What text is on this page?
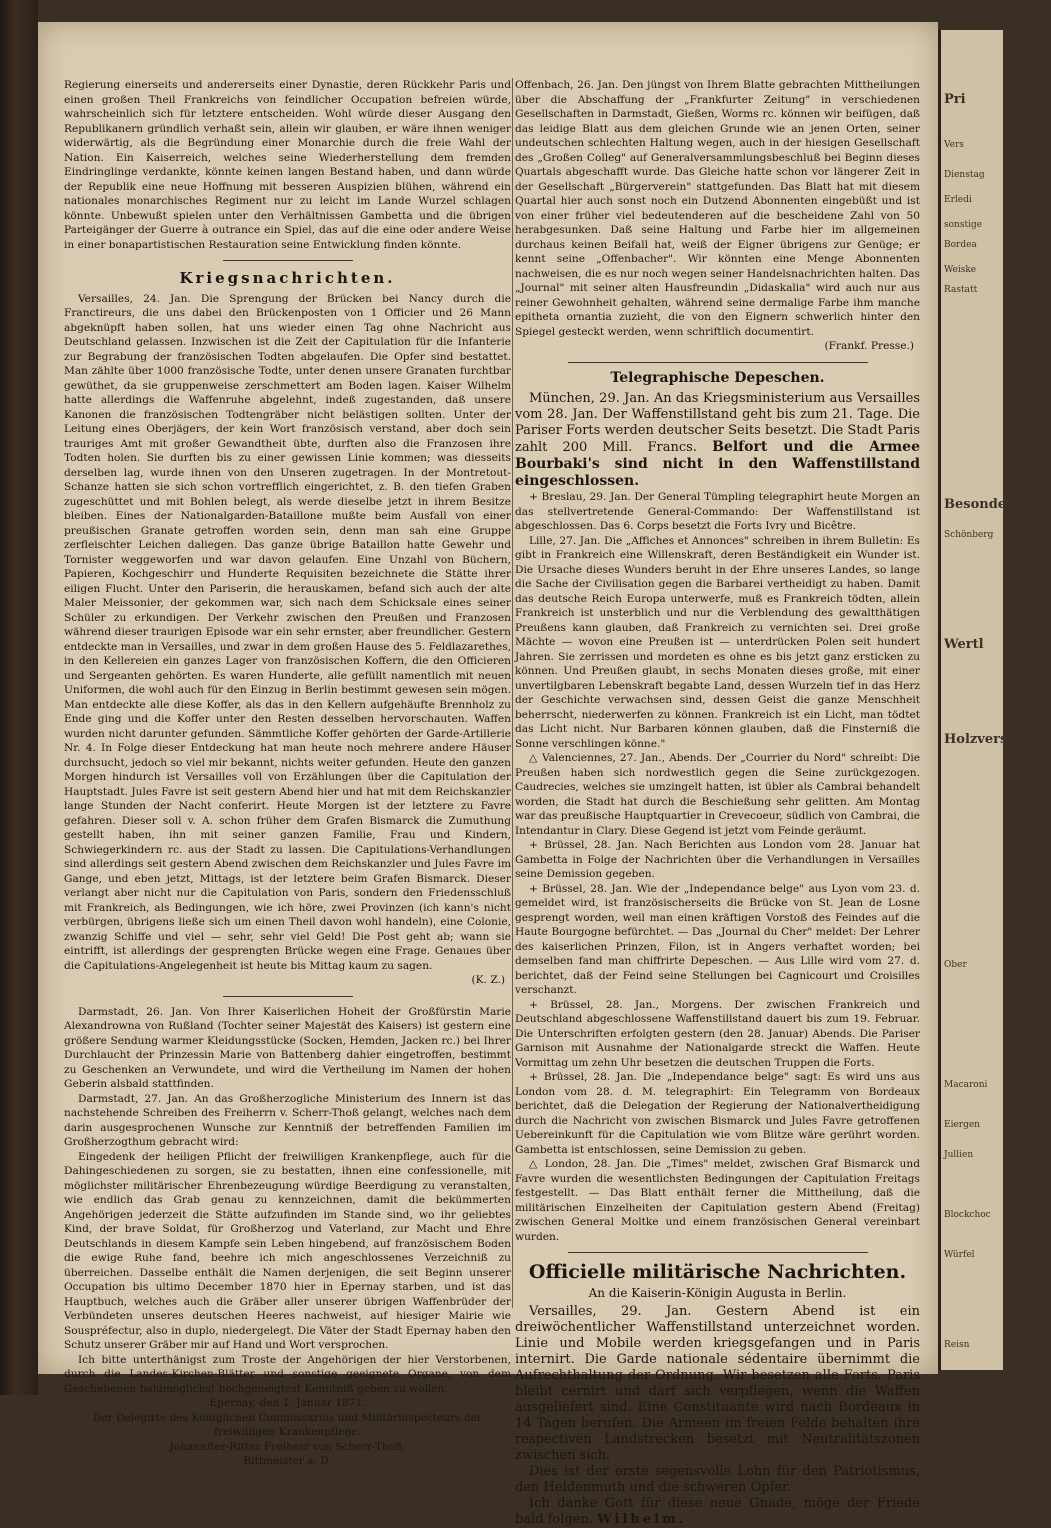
Regierung einerseits und andererseits einer Dynastie, deren Rückkehr Paris und einen großen Theil Frankreichs von feindlicher Occupation befreien würde, wahrscheinlich sich für letztere entscheiden. Wohl würde dieser Ausgang den Republikanern gründlich verhaßt sein, allein wir glauben, er wäre ihnen weniger widerwärtig, als die Begründung einer Monarchie durch die freie Wahl der Nation. Ein Kaiserreich, welches seine Wiederherstellung dem fremden Eindringlinge verdankte, könnte keinen langen Bestand haben, und dann würde der Republik eine neue Hoffnung mit besseren Auspizien blühen, während ein nationales monarchisches Regiment nur zu leicht im Lande Wurzel schlagen könnte. Unbewußt spielen unter den Verhältnissen Gambetta und die übrigen Parteigänger der Guerre à outrance ein Spiel, das auf die eine oder andere Weise in einer bonapartistischen Restauration seine Entwicklung finden könnte.

Kriegsnachrichten.

Versailles, 24. Jan. Die Sprengung der Brücken bei Nancy durch die Franctireurs, die uns dabei den Brückenposten von 1 Officier und 26 Mann abgeknüpft haben sollen, hat uns wieder einen Tag ohne Nachricht aus Deutschland gelassen. Inzwischen ist die Zeit der Capitulation für die Infanterie zur Begrabung der französischen Todten abgelaufen. Die Opfer sind bestattet. Man zählte über 1000 französische Todte, unter denen unsere Granaten furchtbar gewüthet, da sie gruppenweise zerschmettert am Boden lagen. Kaiser Wilhelm hatte allerdings die Waffenruhe abgelehnt, indeß zugestanden, daß unsere Kanonen die französischen Todtengräber nicht belästigen sollten. Unter der Leitung eines Oberjägers, der kein Wort französisch verstand, aber doch sein trauriges Amt mit großer Gewandtheit übte, durften also die Franzosen ihre Todten holen. Sie durften bis zu einer gewissen Linie kommen; was diesseits derselben lag, wurde ihnen von den Unseren zugetragen. In der Montretout-Schanze hatten sie sich schon vortrefflich eingerichtet, z. B. den tiefen Graben zugeschüttet und mit Bohlen belegt, als werde dieselbe jetzt in ihrem Besitze bleiben. Eines der Nationalgarden-Bataillone mußte beim Ausfall von einer preußischen Granate getroffen worden sein, denn man sah eine Gruppe zerfleischter Leichen daliegen. Das ganze übrige Bataillon hatte Gewehr und Tornister weggeworfen und war davon gelaufen. Eine Unzahl von Büchern, Papieren, Kochgeschirr und Hunderte Requisiten bezeichnete die Stätte ihrer eiligen Flucht. Unter den Pariserin, die herauskamen, befand sich auch der alte Maler Meissonier, der gekommen war, sich nach dem Schicksale eines seiner Schüler zu erkundigen. Der Verkehr zwischen den Preußen und Franzosen während dieser traurigen Episode war ein sehr ernster, aber freundlicher. Gestern entdeckte man in Versailles, und zwar in dem großen Hause des 5. Feldlazarethes, in den Kellereien ein ganzes Lager von französischen Koffern, die den Officieren und Sergeanten gehörten. Es waren Hunderte, alle gefüllt namentlich mit neuen Uniformen, die wohl auch für den Einzug in Berlin bestimmt gewesen sein mögen. Man entdeckte alle diese Koffer, als das in den Kellern aufgehäufte Brennholz zu Ende ging und die Koffer unter den Resten desselben hervorschauten. Waffen wurden nicht darunter gefunden. Sämmtliche Koffer gehörten der Garde-Artillerie Nr. 4. In Folge dieser Entdeckung hat man heute noch mehrere andere Häuser durchsucht, jedoch so viel mir bekannt, nichts weiter gefunden. Heute den ganzen Morgen hindurch ist Versailles voll von Erzählungen über die Capitulation der Hauptstadt. Jules Favre ist seit gestern Abend hier und hat mit dem Reichskanzler lange Stunden der Nacht conferirt. Heute Morgen ist der letztere zu Favre gefahren. Dieser soll v. A. schon früher dem Grafen Bismarck die Zumuthung gestellt haben, ihn mit seiner ganzen Familie, Frau und Kindern, Schwiegerkindern rc. aus der Stadt zu lassen. Die Capitulations-Verhandlungen sind allerdings seit gestern Abend zwischen dem Reichskanzler und Jules Favre im Gange, und eben jetzt, Mittags, ist der letztere beim Grafen Bismarck. Dieser verlangt aber nicht nur die Capitulation von Paris, sondern den Friedensschluß mit Frankreich, als Bedingungen, wie ich höre, zwei Provinzen (ich kann's nicht verbürgen, übrigens ließe sich um einen Theil davon wohl handeln), eine Colonie, zwanzig Schiffe und viel — sehr, sehr viel Geld! Die Post geht ab; wann sie eintrifft, ist allerdings der gesprengten Brücke wegen eine Frage. Genaues über die Capitulations-Angelegenheit ist heute bis Mittag kaum zu sagen.

(K. Z.)

Darmstadt, 26. Jan. Von Ihrer Kaiserlichen Hoheit der Großfürstin Marie Alexandrowna von Rußland (Tochter seiner Majestät des Kaisers) ist gestern eine größere Sendung warmer Kleidungsstücke (Socken, Hemden, Jacken rc.) bei Ihrer Durchlaucht der Prinzessin Marie von Battenberg dahier eingetroffen, bestimmt zu Geschenken an Verwundete, und wird die Vertheilung im Namen der hohen Geberin alsbald stattfinden.

Darmstadt, 27. Jan. An das Großherzogliche Ministerium des Innern ist das nachstehende Schreiben des Freiherrn v. Scherr-Thoß gelangt, welches nach dem darin ausgesprochenen Wunsche zur Kenntniß der betreffenden Familien im Großherzogthum gebracht wird:

Eingedenk der heiligen Pflicht der freiwilligen Krankenpflege, auch für die Dahingeschiedenen zu sorgen, sie zu bestatten, ihnen eine confessionelle, mit möglichster militärischer Ehrenbezeugung würdige Beerdigung zu veranstalten, wie endlich das Grab genau zu kennzeichnen, damit die bekümmerten Angehörigen jederzeit die Stätte aufzufinden im Stande sind, wo ihr geliebtes Kind, der brave Soldat, für Großherzog und Vaterland, zur Macht und Ehre Deutschlands in diesem Kampfe sein Leben hingebend, auf französischem Boden die ewige Ruhe fand, beehre ich mich angeschlossenes Verzeichniß zu überreichen. Dasselbe enthält die Namen derjenigen, die seit Beginn unserer Occupation bis ultimo December 1870 hier in Epernay starben, und ist das Hauptbuch, welches auch die Gräber aller unserer übrigen Waffenbrüder der Verbündeten unseres deutschen Heeres nachweist, auf hiesiger Mairie wie Souspréfectur, also in duplo, niedergelegt. Die Väter der Stadt Epernay haben den Schutz unserer Gräber mir auf Hand und Wort versprochen.

Ich bitte unterthänigst zum Troste der Angehörigen der hier Verstorbenen, durch die Landes-Kirchen-Blätter und sonstige geeignete Organe, von dem Geschehenen baldmöglichst hochgeneigtest Kenntniß geben zu wollen.

Epernay, den 1. Januar 1871.

Der Delegirte des Königlichen Commissarius und Militärinspecteurs der freiwilligen Krankenpflege.

Johanniter-Ritter Freiherr von Scherr-Thoß,

Rittmeister a. D.

Offenbach, 26. Jan. Den jüngst von Ihrem Blatte gebrachten Mittheilungen über die Abschaffung der „Frankfurter Zeitung" in verschiedenen Gesellschaften in Darmstadt, Gießen, Worms rc. können wir beifügen, daß das leidige Blatt aus dem gleichen Grunde wie an jenen Orten, seiner undeutschen schlechten Haltung wegen, auch in der hiesigen Gesellschaft des „Großen Colleg" auf Generalversammlungsbeschluß bei Beginn dieses Quartals abgeschafft wurde. Das Gleiche hatte schon vor längerer Zeit in der Gesellschaft „Bürgerverein" stattgefunden. Das Blatt hat mit diesem Quartal hier auch sonst noch ein Dutzend Abonnenten eingebüßt und ist von einer früher viel bedeutenderen auf die bescheidene Zahl von 50 herabgesunken. Daß seine Haltung und Farbe hier im allgemeinen durchaus keinen Beifall hat, weiß der Eigner übrigens zur Genüge; er kennt seine „Offenbacher". Wir könnten eine Menge Abonnenten nachweisen, die es nur noch wegen seiner Handelsnachrichten halten. Das „Journal" mit seiner alten Hausfreundin „Didaskalia" wird auch nur aus reiner Gewohnheit gehalten, während seine dermalige Farbe ihm manche epitheta ornantia zuzieht, die von den Eignern schwerlich hinter den Spiegel gesteckt werden, wenn schriftlich documentirt.

(Frankf. Presse.)
Telegraphische Depeschen.

München, 29. Jan. An das Kriegsministerium aus Versailles vom 28. Jan. Der Waffenstillstand geht bis zum 21. Tage. Die Pariser Forts werden deutscher Seits besetzt. Die Stadt Paris zahlt 200 Mill. Francs. Belfort und die Armee Bourbaki's sind nicht in den Waffenstillstand eingeschlossen.

+ Breslau, 29. Jan. Der General Tümpling telegraphirt heute Morgen an das stellvertretende General-Commando: Der Waffenstillstand ist abgeschlossen. Das 6. Corps besetzt die Forts Ivry und Bicêtre.

Lille, 27. Jan. Die „Affiches et Annonces" schreiben in ihrem Bulletin: Es gibt in Frankreich eine Willenskraft, deren Beständigkeit ein Wunder ist. Die Ursache dieses Wunders beruht in der Ehre unseres Landes, so lange die Sache der Civilisation gegen die Barbarei vertheidigt zu haben. Damit das deutsche Reich Europa unterwerfe, muß es Frankreich tödten, allein Frankreich ist unsterblich und nur die Verblendung des gewaltthätigen Preußens kann glauben, daß Frankreich zu vernichten sei. Drei große Mächte — wovon eine Preußen ist — unterdrücken Polen seit hundert Jahren. Sie zerrissen und mordeten es ohne es bis jetzt ganz ersticken zu können. Und Preußen glaubt, in sechs Monaten dieses große, mit einer unvertilgbaren Lebenskraft begabte Land, dessen Wurzeln tief in das Herz der Geschichte verwachsen sind, dessen Geist die ganze Menschheit beherrscht, niederwerfen zu können. Frankreich ist ein Licht, man tödtet das Licht nicht. Nur Barbaren können glauben, daß die Finsterniß die Sonne verschlingen könne."

△ Valenciennes, 27. Jan., Abends. Der „Courrier du Nord" schreibt: Die Preußen haben sich nordwestlich gegen die Seine zurückgezogen. Caudrecies, welches sie umzingelt hatten, ist übler als Cambrai behandelt worden, die Stadt hat durch die Beschießung sehr gelitten. Am Montag war das preußische Hauptquartier in Crevecoeur, südlich von Cambrai, die Intendantur in Clary. Diese Gegend ist jetzt vom Feinde geräumt.

+ Brüssel, 28. Jan. Nach Berichten aus London vom 28. Januar hat Gambetta in Folge der Nachrichten über die Verhandlungen in Versailles seine Demission gegeben.

+ Brüssel, 28. Jan. Wie der „Independance belge" aus Lyon vom 23. d. gemeldet wird, ist französischerseits die Brücke von St. Jean de Losne gesprengt worden, weil man einen kräftigen Vorstoß des Feindes auf die Haute Bourgogne befürchtet. — Das „Journal du Cher" meldet: Der Lehrer des kaiserlichen Prinzen, Filon, ist in Angers verhaftet worden; bei demselben fand man chiffrirte Depeschen. — Aus Lille wird vom 27. d. berichtet, daß der Feind seine Stellungen bei Cagnicourt und Croisilles verschanzt.

+ Brüssel, 28. Jan., Morgens. Der zwischen Frankreich und Deutschland abgeschlossene Waffenstillstand dauert bis zum 19. Februar. Die Unterschriften erfolgten gestern (den 28. Januar) Abends. Die Pariser Garnison mit Ausnahme der Nationalgarde streckt die Waffen. Heute Vormittag um zehn Uhr besetzen die deutschen Truppen die Forts.

+ Brüssel, 28. Jan. Die „Independance belge" sagt: Es wird uns aus London vom 28. d. M. telegraphirt: Ein Telegramm von Bordeaux berichtet, daß die Delegation der Regierung der Nationalvertheidigung durch die Nachricht von zwischen Bismarck und Jules Favre getroffenen Uebereinkunft für die Capitulation wie vom Blitze wäre gerührt worden. Gambetta ist entschlossen, seine Demission zu geben.

△ London, 28. Jan. Die „Times" meldet, zwischen Graf Bismarck und Favre wurden die wesentlichsten Bedingungen der Capitulation Freitags festgestellt. — Das Blatt enthält ferner die Mittheilung, daß die militärischen Einzelheiten der Capitulation gestern Abend (Freitag) zwischen General Moltke und einem französischen General vereinbart wurden.

Officielle militärische Nachrichten.
An die Kaiserin-Königin Augusta in Berlin.

Versailles, 29. Jan. Gestern Abend ist ein dreiwöchentlicher Waffenstillstand unterzeichnet worden. Linie und Mobile werden kriegsgefangen und in Paris internirt. Die Garde nationale sédentaire übernimmt die Aufrechthaltung der Ordnung. Wir besetzen alle Forts. Paris bleibt cernirt und darf sich verpflegen, wenn die Waffen ausgeliefert sind. Eine Constituante wird nach Bordeaux in 14 Tagen berufen. Die Armeen im freien Felde behalten ihre respectiven Landstrecken besetzt mit Neutralitätszonen zwischen sich.

Dies ist der erste segensvolle Lohn für den Patriotismus, den Heldenmuth und die schweren Opfer.

Ich danke Gott für diese neue Gnade, möge der Friede bald folgen. Wilhelm.

Pri

Vers

Dienstag

Erledi

sonstige

Bordea

Weiske

Rastatt

Besondere

Schönberg

Wertl

Holzversteiger

Ober

Macaroni

Eiergen

Jullien

Blockchoc

Würfel

Reisn
